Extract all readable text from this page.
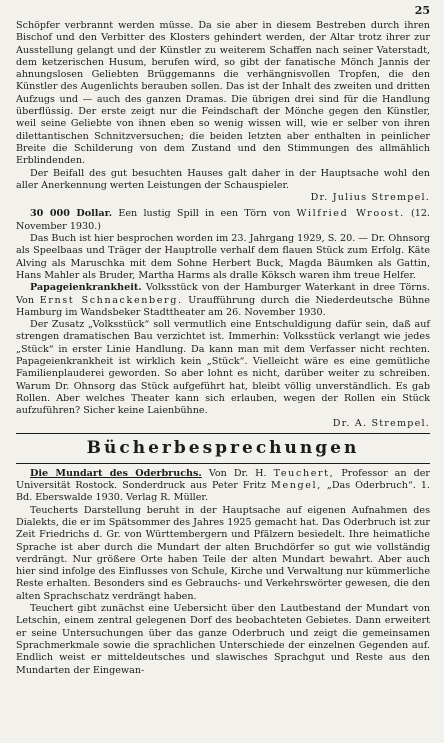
25

Schöpfer verbrannt werden müsse. Da sie aber in diesem Bestreben durch ihren Bischof und den Verbitter des Klosters gehindert werden, der Altar trotz ihrer zur Ausstellung gelangt und der Künstler zu weiterem Schaffen nach seiner Vaterstadt, dem ketzerischen Husum, berufen wird, so gibt der fanatische Mönch Jannis der ahnungslosen Geliebten Brüggemanns die verhängnisvollen Tropfen, die den Künstler des Augenlichts berauben sollen. Das ist der Inhalt des zweiten und dritten Aufzugs und — auch des ganzen Dramas. Die übrigen drei sind für die Handlung überflüssig. Der erste zeigt nur die Feindschaft der Mönche gegen den Künstler, weil seine Geliebte von ihnen eben so wenig wissen will, wie er selber von ihren dilettantischen Schnitzversuchen; die beiden letzten aber enthalten in peinlicher Breite die Schilderung von dem Zustand und den Stimmungen des allmählich Erblindenden.

Der Beifall des gut besuchten Hauses galt daher in der Hauptsache wohl den aller Anerkennung werten Leistungen der Schauspieler.

Dr. Julius Strempel.

30 000 Dollar. Een lustig Spill in een Törn von Wilfried Wroost. (12. November 1930.)

Das Buch ist hier besprochen worden im 23. Jahrgang 1929, S. 20. — Dr. Ohnsorg als Speelbaas und Träger der Hauptrolle verhalf dem flauen Stück zum Erfolg. Käte Alving als Maruschka mit dem Sohne Herbert Buck, Magda Bäumken als Gattin, Hans Mahler als Bruder, Martha Harms als dralle Köksch waren ihm treue Helfer.

Papageienkrankheit. Volksstück von der Hamburger Waterkant in dree Törns. Von Ernst Schnackenberg. Uraufführung durch die Niederdeutsche Bühne Hamburg im Wandsbeker Stadttheater am 26. November 1930.

Der Zusatz „Volksstück“ soll vermutlich eine Entschuldigung dafür sein, daß auf strengen dramatischen Bau verzichtet ist. Immerhin: Volksstück verlangt wie jedes „Stück“ in erster Linie Handlung. Da kann man mit dem Verfasser nicht rechten. Papageienkrankheit ist wirklich kein „Stück“. Vielleicht wäre es eine gemütliche Familienplauderei geworden. So aber lohnt es nicht, darüber weiter zu schreiben. Warum Dr. Ohnsorg das Stück aufgeführt hat, bleibt völlig unverständlich. Es gab Rollen. Aber welches Theater kann sich erlauben, wegen der Rollen ein Stück aufzuführen? Sicher keine Laienbühne.

Dr. A. Strempel.
Bücherbesprechungen

Die Mundart des Oderbruchs. Von Dr. H. Teuchert, Professor an der Universität Rostock. Sonderdruck aus Peter Fritz Mengel, „Das Oderbruch“. 1. Bd. Eberswalde 1930. Verlag R. Müller.

Teucherts Darstellung beruht in der Hauptsache auf eigenen Aufnahmen des Dialekts, die er im Spätsommer des Jahres 1925 gemacht hat. Das Oderbruch ist zur Zeit Friedrichs d. Gr. von Württembergern und Pfälzern besiedelt. Ihre heimatliche Sprache ist aber durch die Mundart der alten Bruchdörfer so gut wie vollständig verdrängt. Nur größere Orte haben Teile der alten Mundart bewahrt. Aber auch hier sind infolge des Einflusses von Schule, Kirche und Verwaltung nur kümmerliche Reste erhalten. Besonders sind es Gebrauchs- und Verkehrswörter gewesen, die den alten Sprachschatz verdrängt haben.

Teuchert gibt zunächst eine Uebersicht über den Lautbestand der Mundart von Letschin, einem zentral gelegenen Dorf des beobachteten Gebietes. Dann erweitert er seine Untersuchungen über das ganze Oderbruch und zeigt die gemeinsamen Sprachmerkmale sowie die sprachlichen Unterschiede der einzelnen Gegenden auf. Endlich weist er mitteldeutsches und slawisches Sprachgut und Reste aus den Mundarten der Eingewan-
